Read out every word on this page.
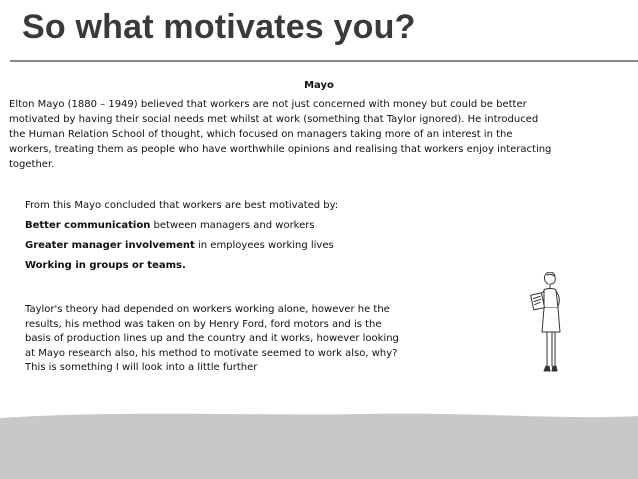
So what motivates you?
Mayo
Elton Mayo (1880 – 1949) believed that workers are not just concerned with money but could be better
motivated by having their social needs met whilst at work (something that Taylor ignored). He introduced
the Human Relation School of thought, which focused on managers taking more of an interest in the
workers, treating them as people who have worthwhile opinions and realising that workers enjoy interacting
together.
From this Mayo concluded that workers are best motivated by:
Better communication between managers and workers
Greater manager involvement in employees working lives
Working in groups or teams.
Taylor's theory had depended on workers working alone, however he the
results, his method was taken on by Henry Ford, ford motors and is the
basis of production lines up and the country and it works, however looking
at Mayo research also, his method to motivate seemed to work also, why?
This is something I will look into a little further
